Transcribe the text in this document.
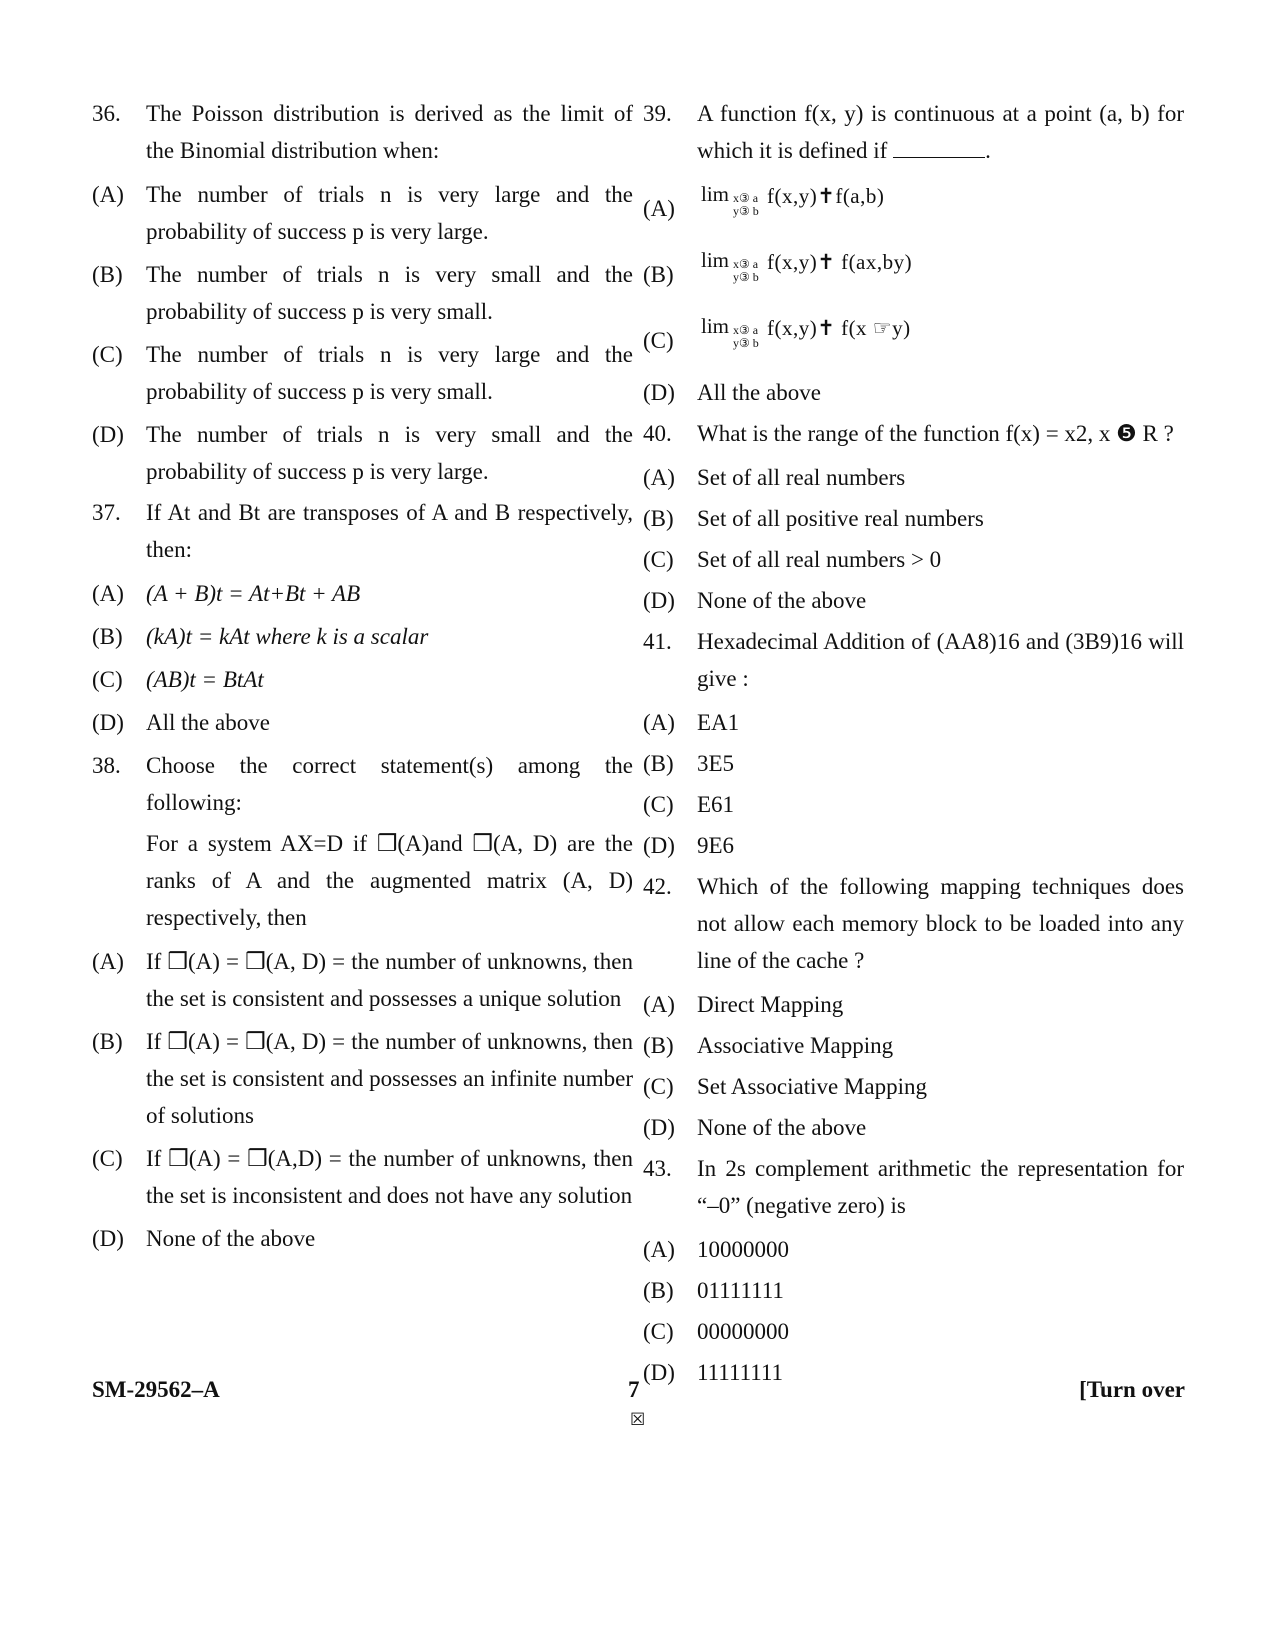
36. The Poisson distribution is derived as the limit of the Binomial distribution when:
(A) The number of trials n is very large and the probability of success p is very large.
(B) The number of trials n is very small and the probability of success p is very small.
(C) The number of trials n is very large and the probability of success p is very small.
(D) The number of trials n is very small and the probability of success p is very large.
37. If At and Bt are transposes of A and B respectively, then:
(A) (A + B)t = At+Bt + AB
(B) (kA)t = kAt where k is a scalar
(C) (AB)t = BtAt
(D) All the above
38. Choose the correct statement(s) among the following:
For a system AX=D if ❒(A)and ❒(A, D) are the ranks of A and the augmented matrix (A, D) respectively, then
(A) If ❒(A) = ❒(A, D) = the number of unknowns, then the set is consistent and possesses a unique solution
(B) If ❒(A) = ❒(A, D) = the number of unknowns, then the set is consistent and possesses an infinite number of solutions
(C) If ❒(A) = ❒(A,D) = the number of unknowns, then the set is inconsistent and does not have any solution
(D) None of the above
39. A function f(x, y) is continuous at a point (a, b) for which it is defined if	.
(A)
lim x③ a
y③ b
f(x,y)✝f(a,b)
(B)
lim x③ a
y③ b
f(x,y)✝ f(ax,by)
(C)
lim x③ a
y③ b
f(x,y)✝ f(x ☞y)
(D) All the above
40. What is the range of the function f(x) = x2, x ❺ R ?
(A) Set of all real numbers
(B) Set of all positive real numbers
(C) Set of all real numbers > 0
(D) None of the above
41. Hexadecimal Addition of (AA8)16 and (3B9)16 will give :
(A) EA1
(B) 3E5
(C) E61
(D) 9E6
42. Which of the following mapping techniques does not allow each memory block to be loaded into any line of the cache ?
(A) Direct Mapping
(B) Associative Mapping
(C) Set Associative Mapping
(D) None of the above
43. In 2s complement arithmetic the representation for “–0” (negative zero) is
(A) 10000000
(B) 01111111
(C) 00000000
(D) 11111111
SM-29562–A	7
☒
[Turn over
